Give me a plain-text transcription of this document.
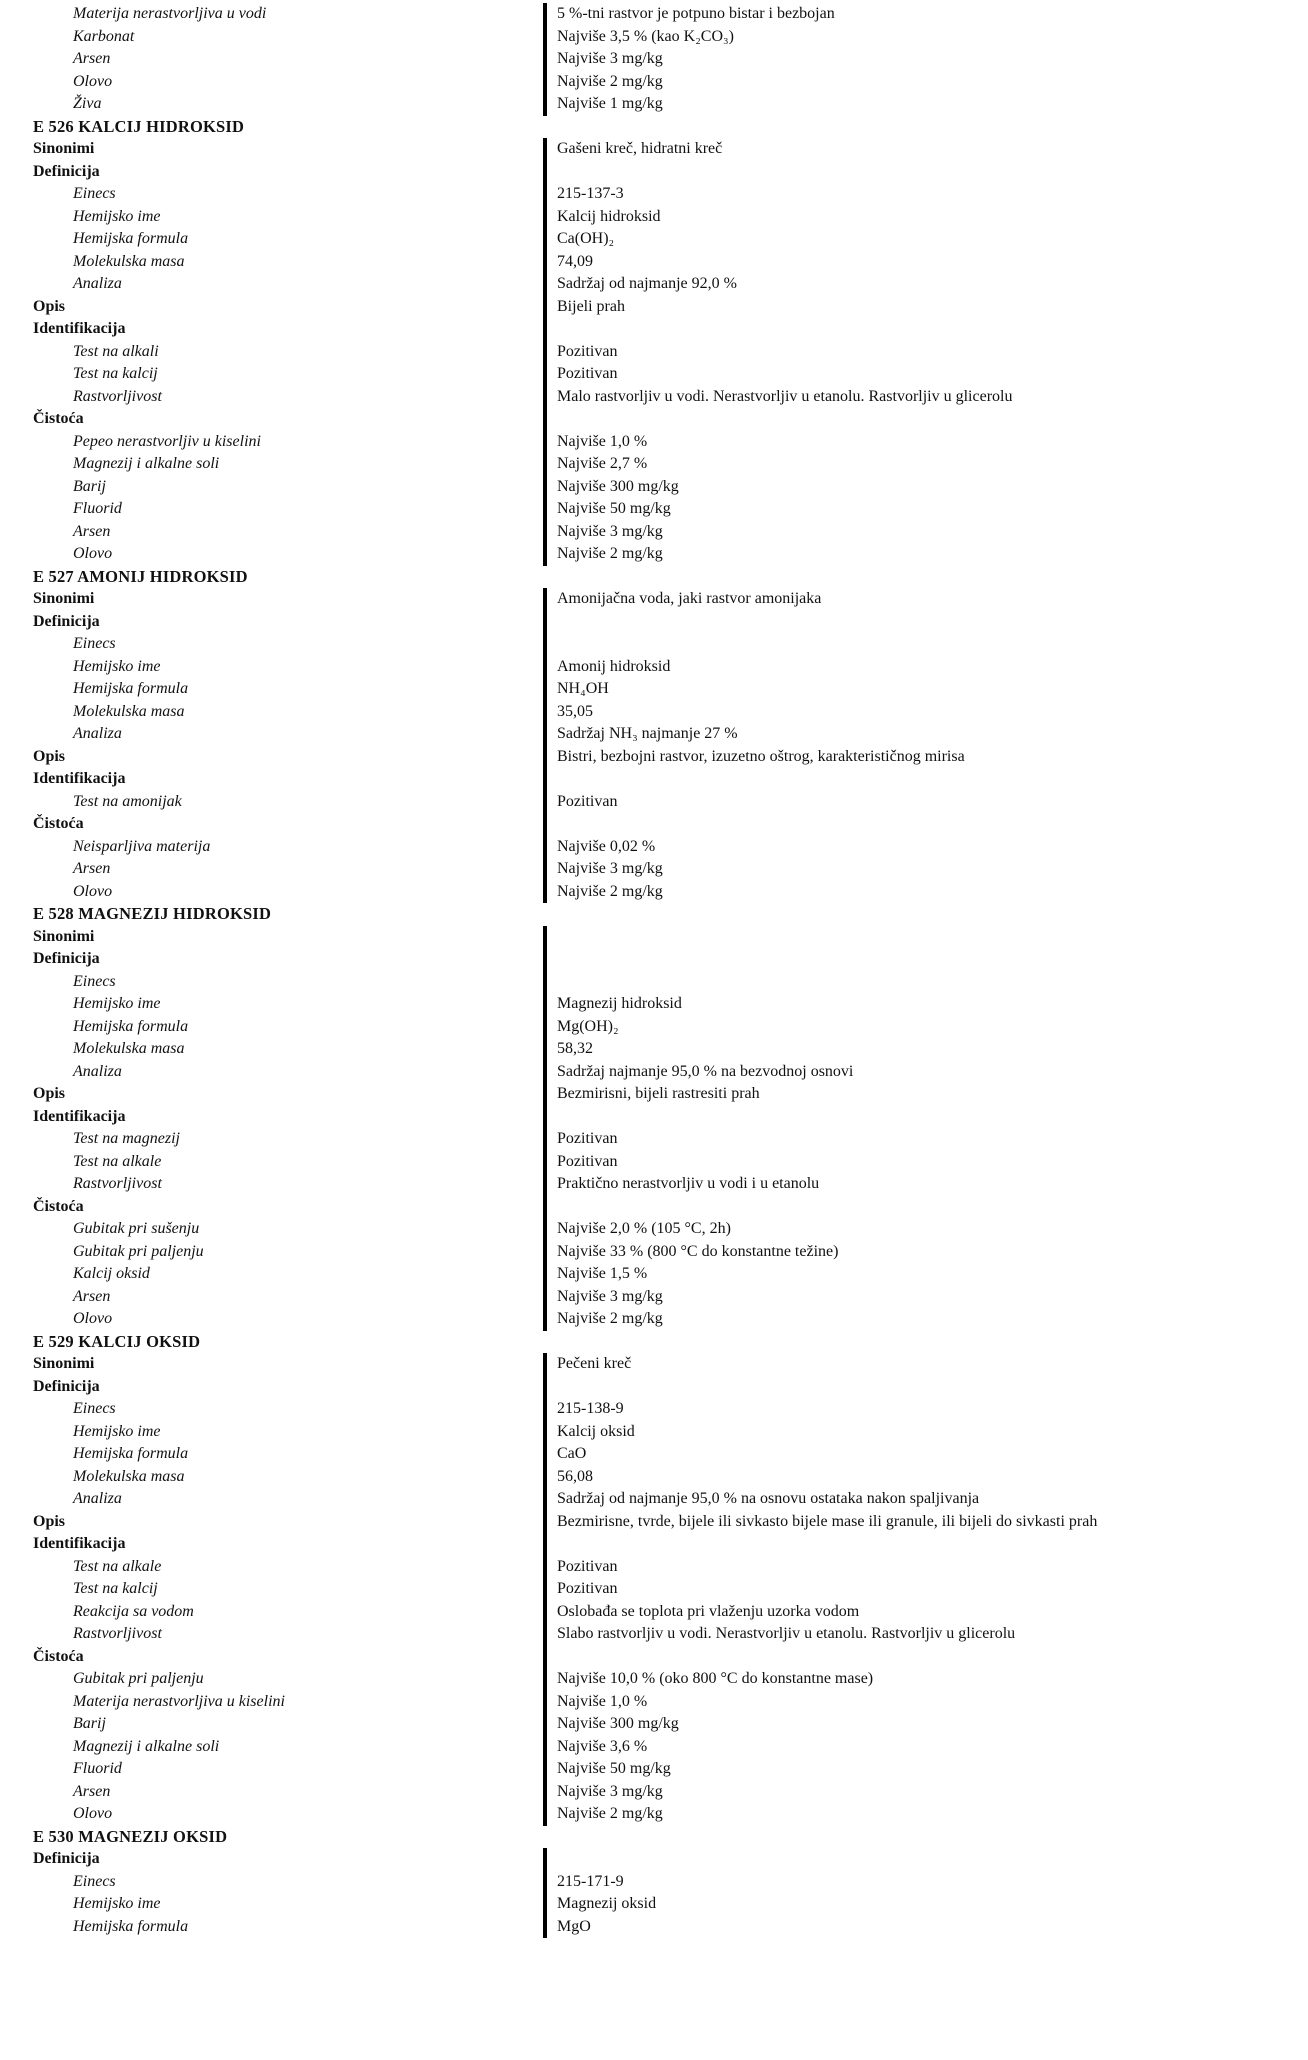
Materija nerastvorljiva u vodi	5 %-tni rastvor je potpuno bistar i bezbojan
Karbonat	Najviše 3,5 % (kao K₂CO₃)
Arsen	Najviše 3 mg/kg
Olovo	Najviše 2 mg/kg
Živa	Najviše 1 mg/kg
E 526 KALCIJ HIDROKSID
Sinonimi	Gašeni kreč, hidratni kreč
Definicija
Einecs	215-137-3
Hemijsko ime	Kalcij hidroksid
Hemijska formula	Ca(OH)₂
Molekulska masa	74,09
Analiza	Sadržaj od najmanje 92,0 %
Opis	Bijeli prah
Identifikacija
Test na alkali	Pozitivan
Test na kalcij	Pozitivan
Rastvorljivost	Malo rastvorljiv u vodi. Nerastvorljiv u etanolu. Rastvorljiv u glicerolu
Čistoća
Pepeo nerastvorljiv u kiselini	Najviše 1,0 %
Magnezij i alkalne soli	Najviše 2,7 %
Barij	Najviše 300 mg/kg
Fluorid	Najviše 50 mg/kg
Arsen	Najviše 3 mg/kg
Olovo	Najviše 2 mg/kg
E 527 AMONIJ HIDROKSID
Sinonimi	Amonijačna voda, jaki rastvor amonijaka
Definicija
Einecs
Hemijsko ime	Amonij hidroksid
Hemijska formula	NH₄OH
Molekulska masa	35,05
Analiza	Sadržaj NH₃ najmanje 27 %
Opis	Bistri, bezbojni rastvor, izuzetno oštrog, karakterističnog mirisa
Identifikacija
Test na amonijak	Pozitivan
Čistoća
Neisparljiva materija	Najviše 0,02 %
Arsen	Najviše 3 mg/kg
Olovo	Najviše 2 mg/kg
E 528 MAGNEZIJ HIDROKSID
Sinonimi
Definicija
Einecs
Hemijsko ime	Magnezij hidroksid
Hemijska formula	Mg(OH)₂
Molekulska masa	58,32
Analiza	Sadržaj najmanje 95,0 % na bezvodnoj osnovi
Opis	Bezmirisni, bijeli rastresiti prah
Identifikacija
Test na magnezij	Pozitivan
Test na alkale	Pozitivan
Rastvorljivost	Praktično nerastvorljiv u vodi i u etanolu
Čistoća
Gubitak pri sušenju	Najviše 2,0 % (105 °C, 2h)
Gubitak pri paljenju	Najviše 33 % (800 °C do konstantne težine)
Kalcij oksid	Najviše 1,5 %
Arsen	Najviše 3 mg/kg
Olovo	Najviše 2 mg/kg
E 529 KALCIJ OKSID
Sinonimi	Pečeni kreč
Definicija
Einecs	215-138-9
Hemijsko ime	Kalcij oksid
Hemijska formula	CaO
Molekulska masa	56,08
Analiza	Sadržaj od najmanje 95,0 % na osnovu ostataka nakon spaljivanja
Opis	Bezmirisne, tvrde, bijele ili sivkasto bijele mase ili granule, ili bijeli do sivkasti prah
Identifikacija
Test na alkale	Pozitivan
Test na kalcij	Pozitivan
Reakcija sa vodom	Oslobađa se toplota pri vlaženju uzorka vodom
Rastvorljivost	Slabo rastvorljiv u vodi. Nerastvorljiv u etanolu. Rastvorljiv u glicerolu
Čistoća
Gubitak pri paljenju	Najviše 10,0 % (oko 800 °C do konstantne mase)
Materija nerastvorljiva u kiselini	Najviše 1,0 %
Barij	Najviše 300 mg/kg
Magnezij i alkalne soli	Najviše 3,6 %
Fluorid	Najviše 50 mg/kg
Arsen	Najviše 3 mg/kg
Olovo	Najviše 2 mg/kg
E 530 MAGNEZIJ OKSID
Definicija
Einecs	215-171-9
Hemijsko ime	Magnezij oksid
Hemijska formula	MgO
